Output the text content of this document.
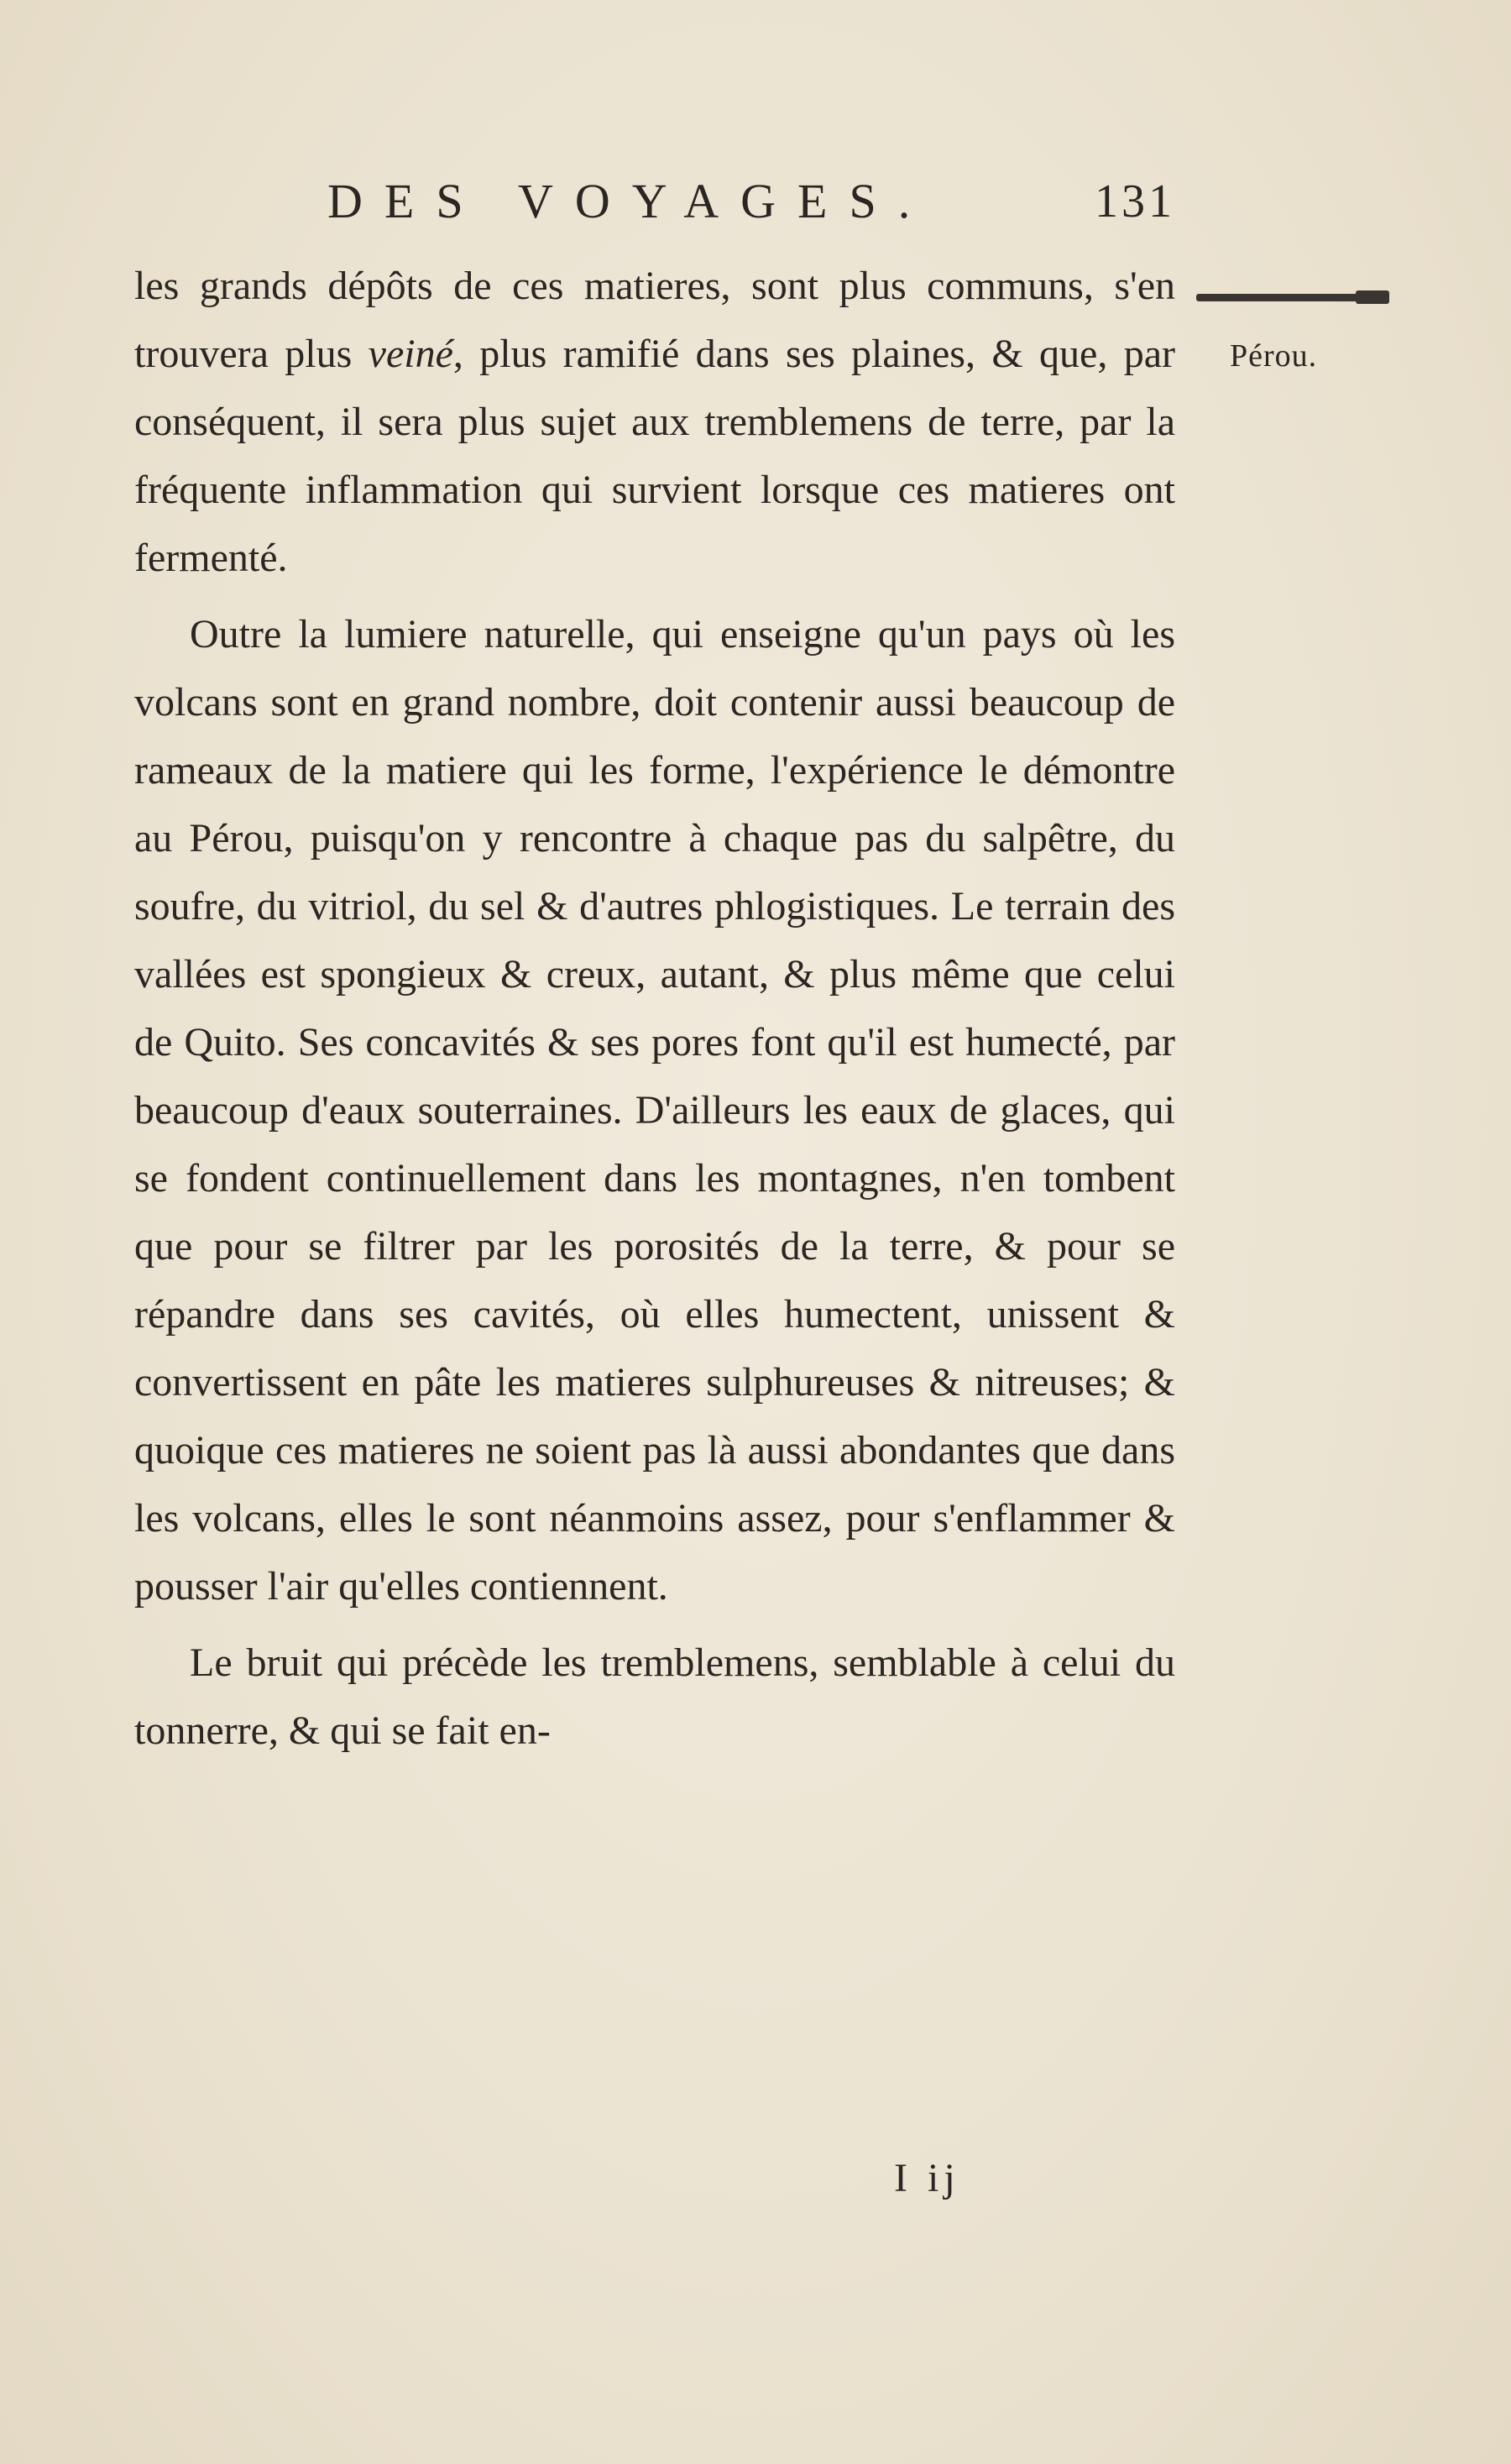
DES VOYAGES.	131
Pérou.

les grands dépôts de ces matieres, sont plus communs, s'en trouvera plus veiné, plus ramifié dans ses plaines, & que, par conséquent, il sera plus sujet aux tremblemens de terre, par la fréquente inflammation qui survient lorsque ces matieres ont fermenté.

Outre la lumiere naturelle, qui enseigne qu'un pays où les volcans sont en grand nombre, doit contenir aussi beaucoup de rameaux de la matiere qui les forme, l'expérience le démontre au Pérou, puisqu'on y rencontre à chaque pas du salpêtre, du soufre, du vitriol, du sel & d'autres phlogistiques. Le terrain des vallées est spongieux & creux, autant, & plus même que celui de Quito. Ses concavités & ses pores font qu'il est humecté, par beaucoup d'eaux souterraines. D'ailleurs les eaux de glaces, qui se fondent continuellement dans les montagnes, n'en tombent que pour se filtrer par les porosités de la terre, & pour se répandre dans ses cavités, où elles humectent, unissent & convertissent en pâte les matieres sulphureuses & nitreuses; & quoique ces matieres ne soient pas là aussi abondantes que dans les volcans, elles le sont néanmoins assez, pour s'enflammer & pousser l'air qu'elles contiennent.

Le bruit qui précède les tremblemens, semblable à celui du tonnerre, & qui se fait en-

I ij
